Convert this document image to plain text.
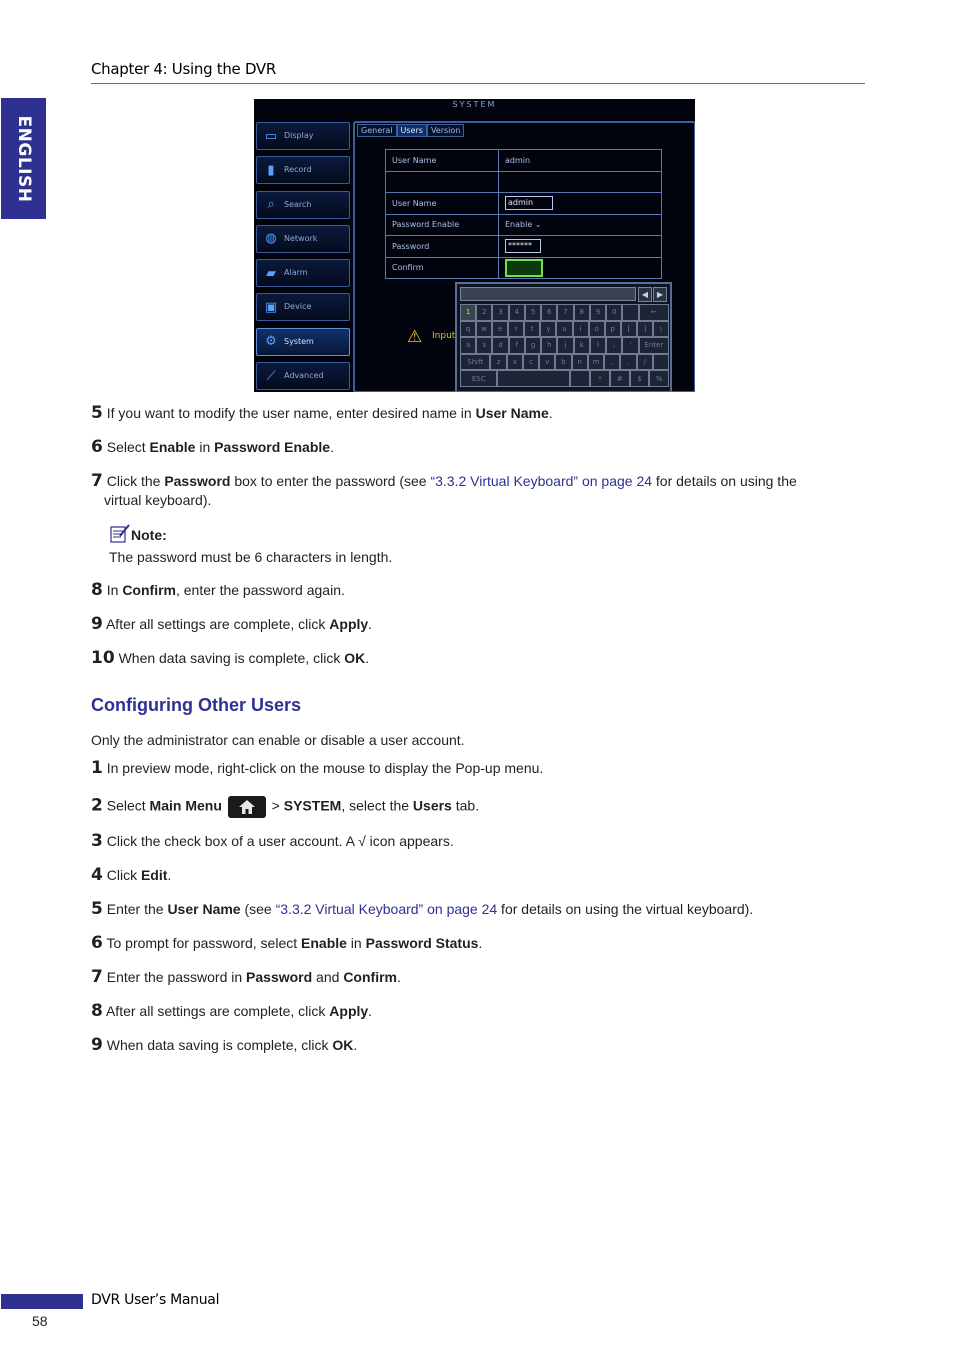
Chapter 4: Using the DVR
ENGLISH
SYSTEM
▭ Display
▮	Record
⌕	Search
◍ Network
▰	Alarm
▣ Device
⚙ System
⟋	Advanced
General	Users	Version
User Name	admin

User Name	admin
Password Enable	Enable ⌄
Password	******
Confirm	
⚠ Input
◀	▶
1	2	3	4	5	6	7	8	9	0	←
q	w	e	r	t	y	u	i	o	p	[	]	\
a	s	d	f	g	h	j	k	l	;	'	Enter
Shift	z	x	c	v	b	n	m	,	.	/
ESC	*	#	$	%
5 If you want to modify the user name, enter desired name in User Name.
6 Select Enable in Password Enable.
7 Click the Password box to enter the password (see “3.3.2 Virtual Keyboard” on page 24 for details on using the
virtual keyboard).
Note:
The password must be 6 characters in length.
8 In Confirm, enter the password again.
9 After all settings are complete, click Apply.
10 When data saving is complete, click OK.
Configuring Other Users
Only the administrator can enable or disable a user account.
1 In preview mode, right-click on the mouse to display the Pop-up menu.
2 Select Main Menu	> SYSTEM, select the Users tab.
3 Click the check box of a user account. A √ icon appears.
4 Click Edit.
5 Enter the User Name (see “3.3.2 Virtual Keyboard” on page 24 for details on using the virtual keyboard).
6 To prompt for password, select Enable in Password Status.
7 Enter the password in Password and Confirm.
8 After all settings are complete, click Apply.
9 When data saving is complete, click OK.
DVR User’s Manual
58
